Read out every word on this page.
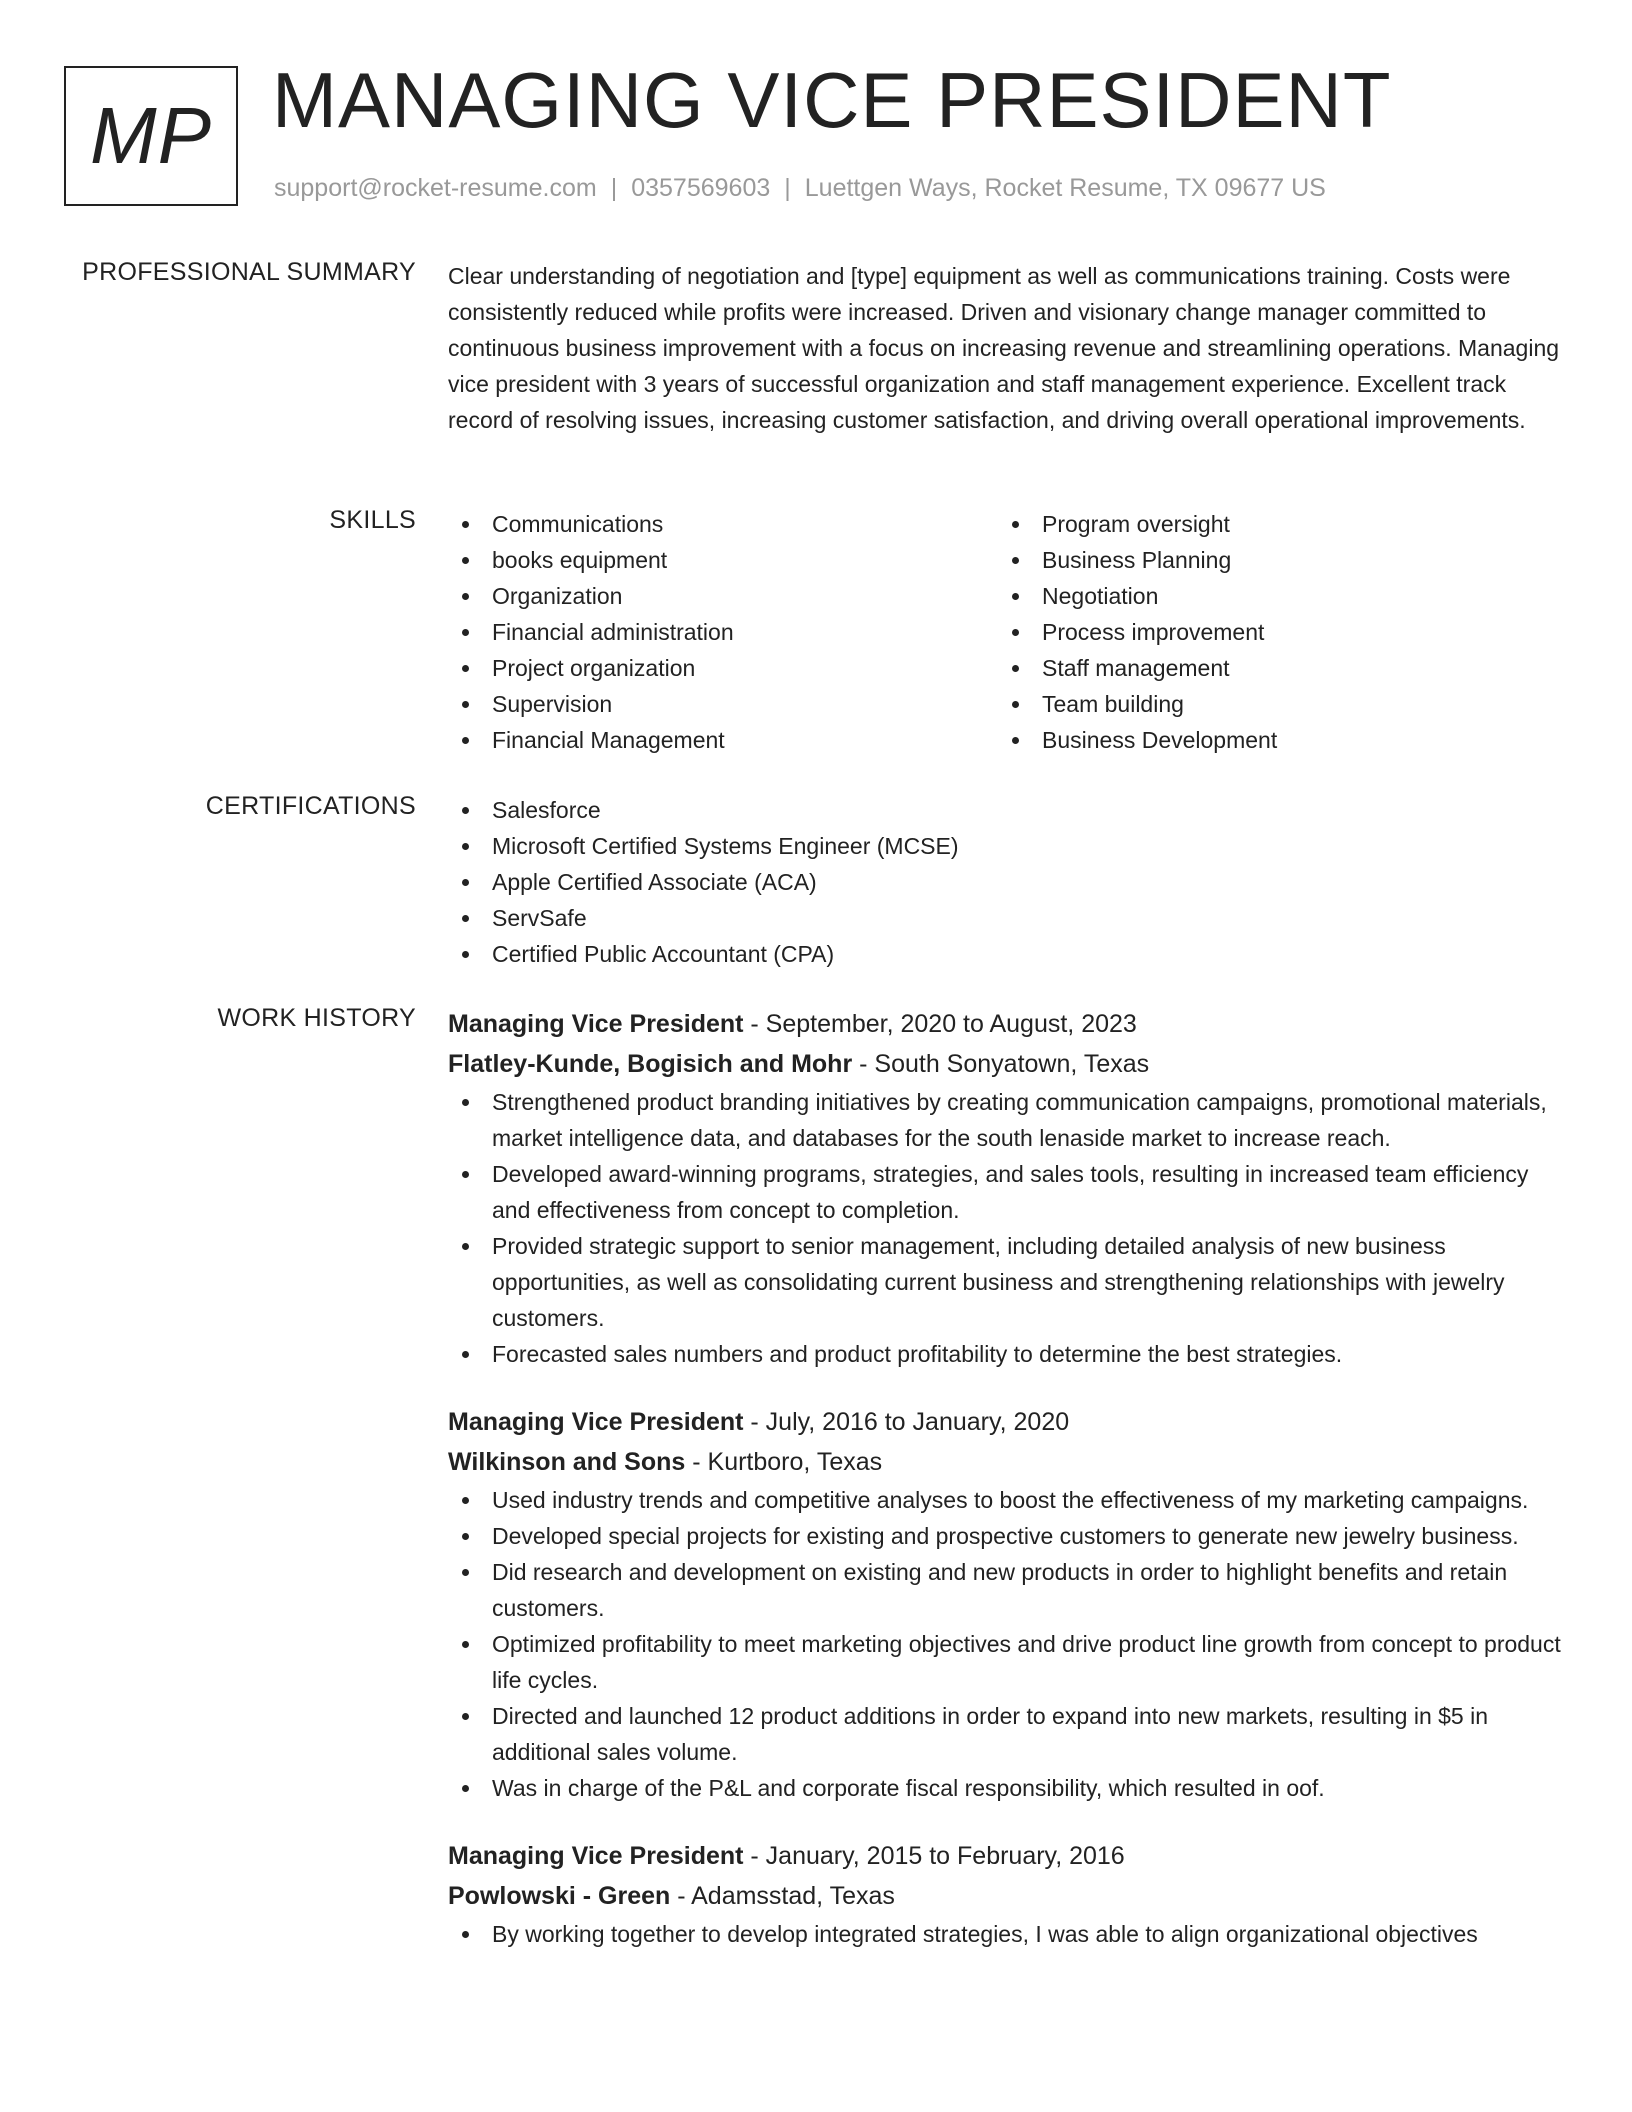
MP MANAGING VICE PRESIDENT
support@rocket-resume.com | 0357569603 | Luettgen Ways, Rocket Resume, TX 09677 US
PROFESSIONAL SUMMARY Clear understanding of negotiation and [type] equipment as well as communications training. Costs were consistently reduced while profits were increased. Driven and visionary change manager committed to continuous business improvement with a focus on increasing revenue and streamlining operations. Managing vice president with 3 years of successful organization and staff management experience. Excellent track record of resolving issues, increasing customer satisfaction, and driving overall operational improvements.

SKILLS	Communications
books equipment
Organization
Financial administration
Project organization
Supervision
Financial Management
Program oversight
Business Planning
Negotiation
Process improvement
Staff management
Team building
Business Development
CERTIFICATIONS	Salesforce
Microsoft Certified Systems Engineer (MCSE)
Apple Certified Associate (ACA)
ServSafe
Certified Public Accountant (CPA)
WORK HISTORY Managing Vice President - September, 2020 to August, 2023
Flatley-Kunde, Bogisich and Mohr - South Sonyatown, Texas
Strengthened product branding initiatives by creating communication campaigns, promotional materials, market intelligence data, and databases for the south lenaside market to increase reach.
Developed award-winning programs, strategies, and sales tools, resulting in increased team efficiency and effectiveness from concept to completion.
Provided strategic support to senior management, including detailed analysis of new business opportunities, as well as consolidating current business and strengthening relationships with jewelry customers.
Forecasted sales numbers and product profitability to determine the best strategies.
Managing Vice President - July, 2016 to January, 2020
Wilkinson and Sons - Kurtboro, Texas
Used industry trends and competitive analyses to boost the effectiveness of my marketing campaigns.
Developed special projects for existing and prospective customers to generate new jewelry business.
Did research and development on existing and new products in order to highlight benefits and retain customers.
Optimized profitability to meet marketing objectives and drive product line growth from concept to product life cycles.
Directed and launched 12 product additions in order to expand into new markets, resulting in $5 in additional sales volume.
Was in charge of the P&L and corporate fiscal responsibility, which resulted in oof.
Managing Vice President - January, 2015 to February, 2016
Powlowski - Green - Adamsstad, Texas
By working together to develop integrated strategies, I was able to align organizational objectives
